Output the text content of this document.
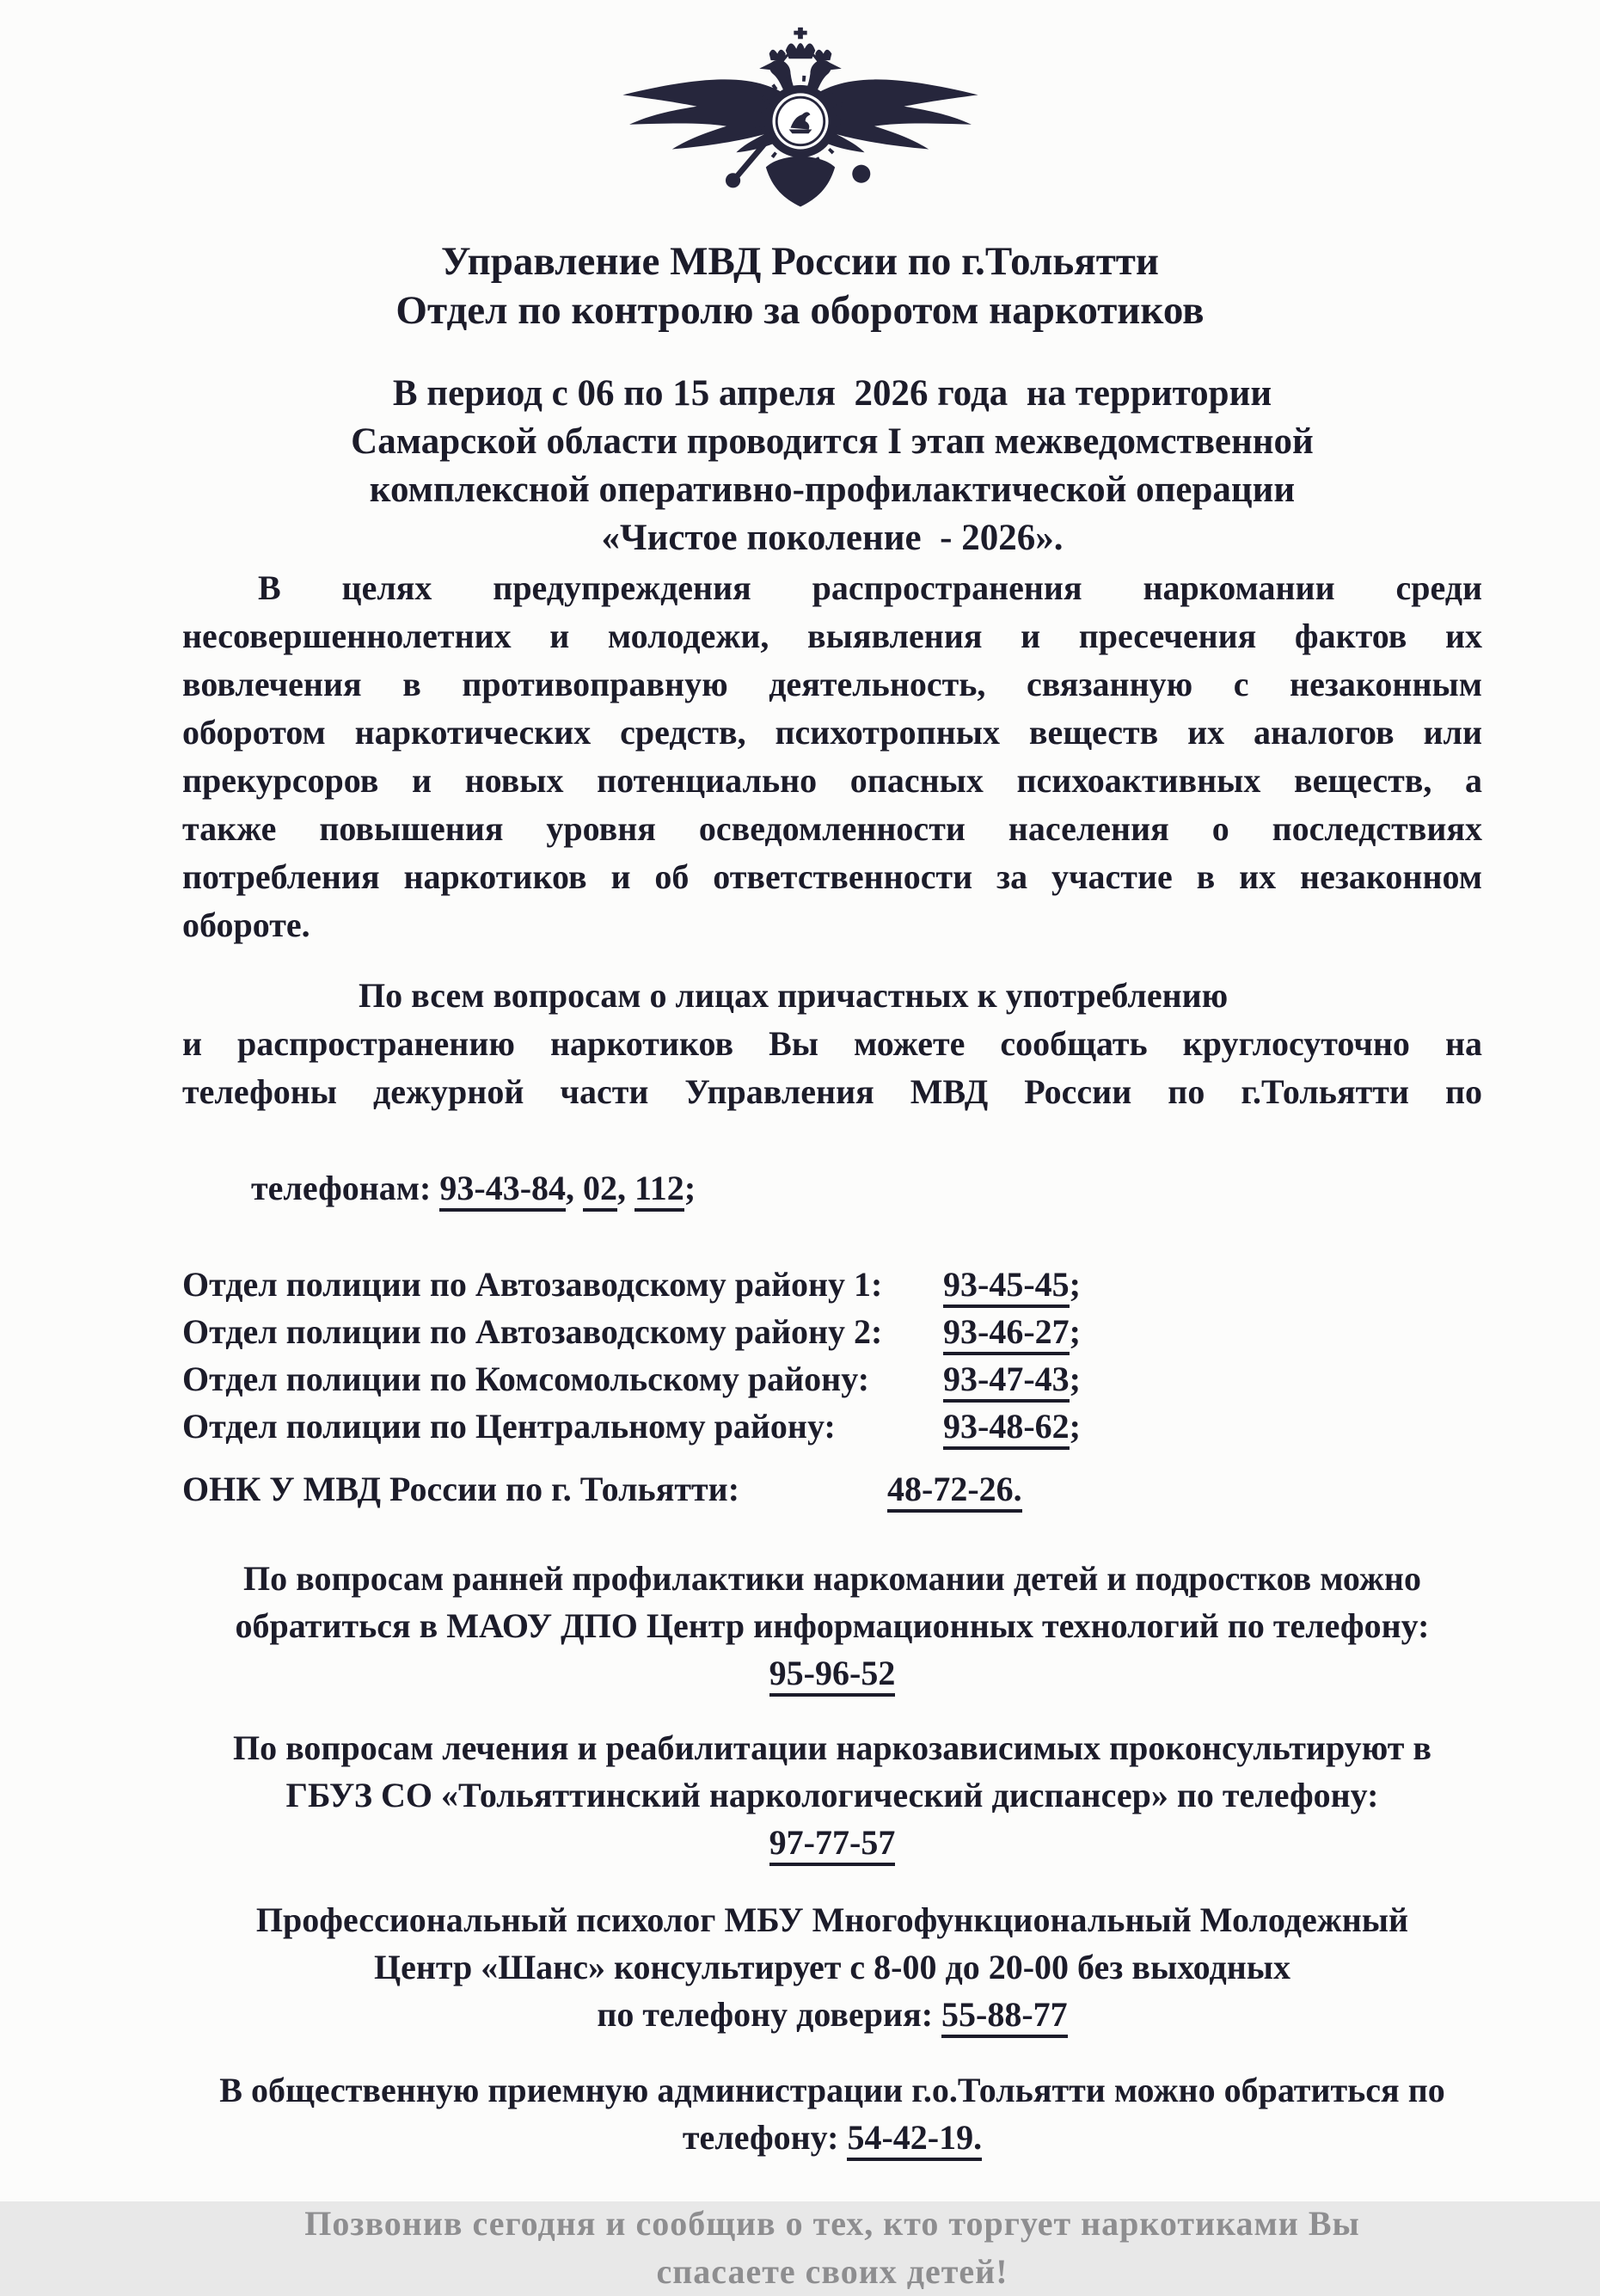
Управление МВД России по г.Тольятти
Отдел по контролю за оборотом наркотиков
В период с 06 по 15 апреля  2026 года  на территории
Самарской области проводится I этап межведомственной
комплексной оперативно-профилактической операции
«Чистое поколение  - 2026».
В целях предупреждения распространения наркомании среди
несовершеннолетних и молодежи, выявления и пресечения фактов их
вовлечения в противоправную деятельность, связанную с незаконным
оборотом наркотических средств, психотропных веществ их аналогов или
прекурсоров и новых потенциально опасных психоактивных веществ, а
также повышения уровня осведомленности населения о последствиях
потребления наркотиков и об ответственности за участие в их незаконном
обороте.
По всем вопросам о лицах причастных к употреблению
и распространению наркотиков Вы можете сообщать круглосуточно на
телефоны дежурной части Управления МВД России по г.Тольятти по

телефонам: 93-43-84, 02, 112;

Отдел полиции по Автозаводскому району 1: 93-45-45;
Отдел полиции по Автозаводскому району 2: 93-46-27;
Отдел полиции по Комсомольскому району: 93-47-43;
Отдел полиции по Центральному району:	93-48-62;
ОНК У МВД России по г. Тольятти:	48-72-26.
По вопросам ранней профилактики наркомании детей и подростков можно
обратиться в МАОУ ДПО Центр информационных технологий по телефону:
95-96-52
По вопросам лечения и реабилитации наркозависимых проконсультируют в
ГБУЗ СО «Тольяттинский наркологический диспансер» по телефону:
97-77-57
Профессиональный психолог МБУ Многофункциональный Молодежный
Центр «Шанс» консультирует с 8-00 до 20-00 без выходных
по телефону доверия: 55-88-77
В общественную приемную администрации г.о.Тольятти можно обратиться по
телефону: 54-42-19.
Позвонив сегодня и сообщив о тех, кто торгует наркотиками Вы
спасаете своих детей!
